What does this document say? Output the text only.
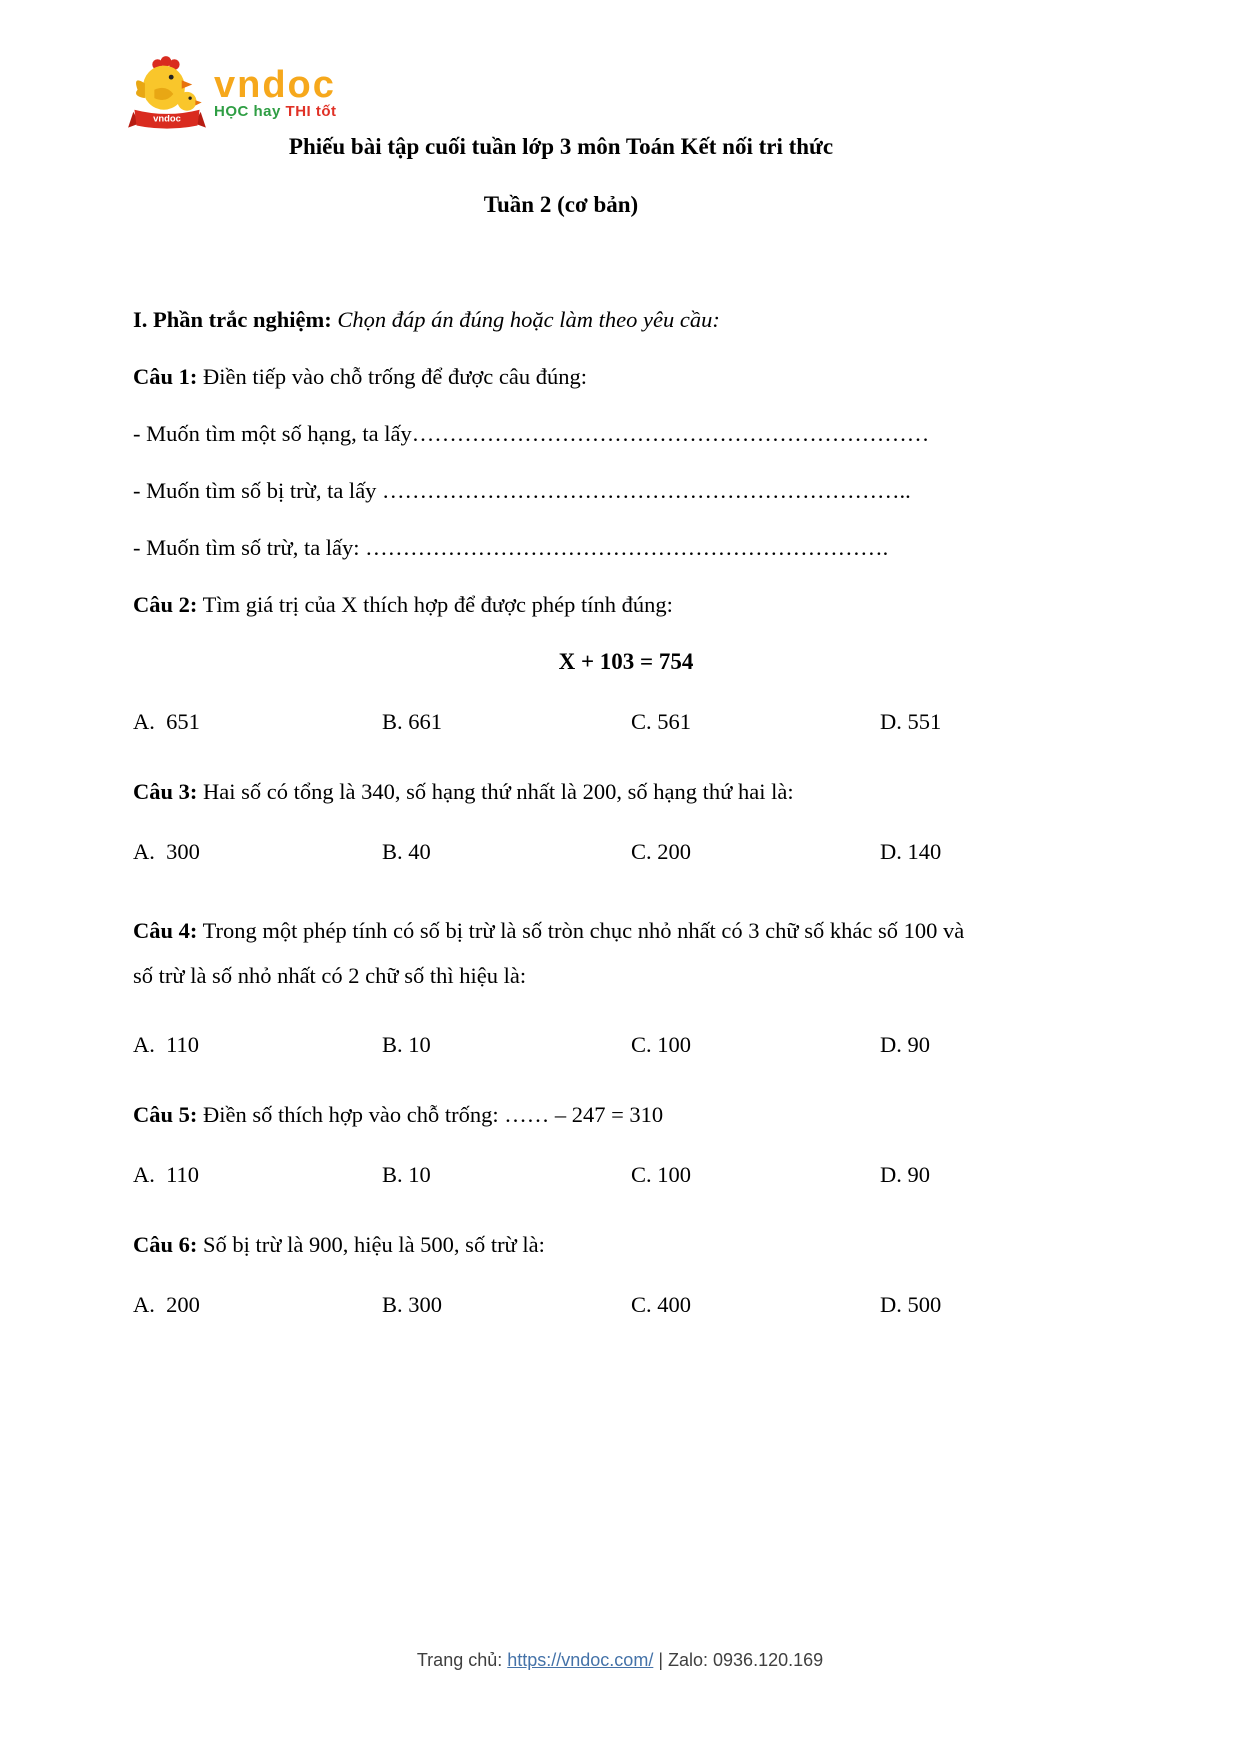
vndoc
vndoc
HỌC hay THI tốt
Phiếu bài tập cuối tuần lớp 3 môn Toán Kết nối tri thức
Tuần 2 (cơ bản)
I. Phần trắc nghiệm: Chọn đáp án đúng hoặc làm theo yêu cầu:
Câu 1: Điền tiếp vào chỗ trống để được câu đúng:
- Muốn tìm một số hạng, ta lấy……………………………………………………………
- Muốn tìm số bị trừ, ta lấy ……………………………………………………………..
- Muốn tìm số trừ, ta lấy: …………………………………………………………….
Câu 2: Tìm giá trị của X thích hợp để được phép tính đúng:
X + 103 = 754
A.  651	B. 661	C. 561	D. 551
Câu 3: Hai số có tổng là 340, số hạng thứ nhất là 200, số hạng thứ hai là:
A.  300	B. 40	C. 200	D. 140
Câu 4: Trong một phép tính có số bị trừ là số tròn chục nhỏ nhất có 3 chữ số khác số 100 và số trừ là số nhỏ nhất có 2 chữ số thì hiệu là:
A.  110	B. 10	C. 100	D. 90
Câu 5: Điền số thích hợp vào chỗ trống: …… – 247 = 310
A.  110	B. 10	C. 100	D. 90
Câu 6: Số bị trừ là 900, hiệu là 500, số trừ là:
A.  200	B. 300	C. 400	D. 500
Trang chủ: https://vndoc.com/ | Zalo: 0936.120.169
